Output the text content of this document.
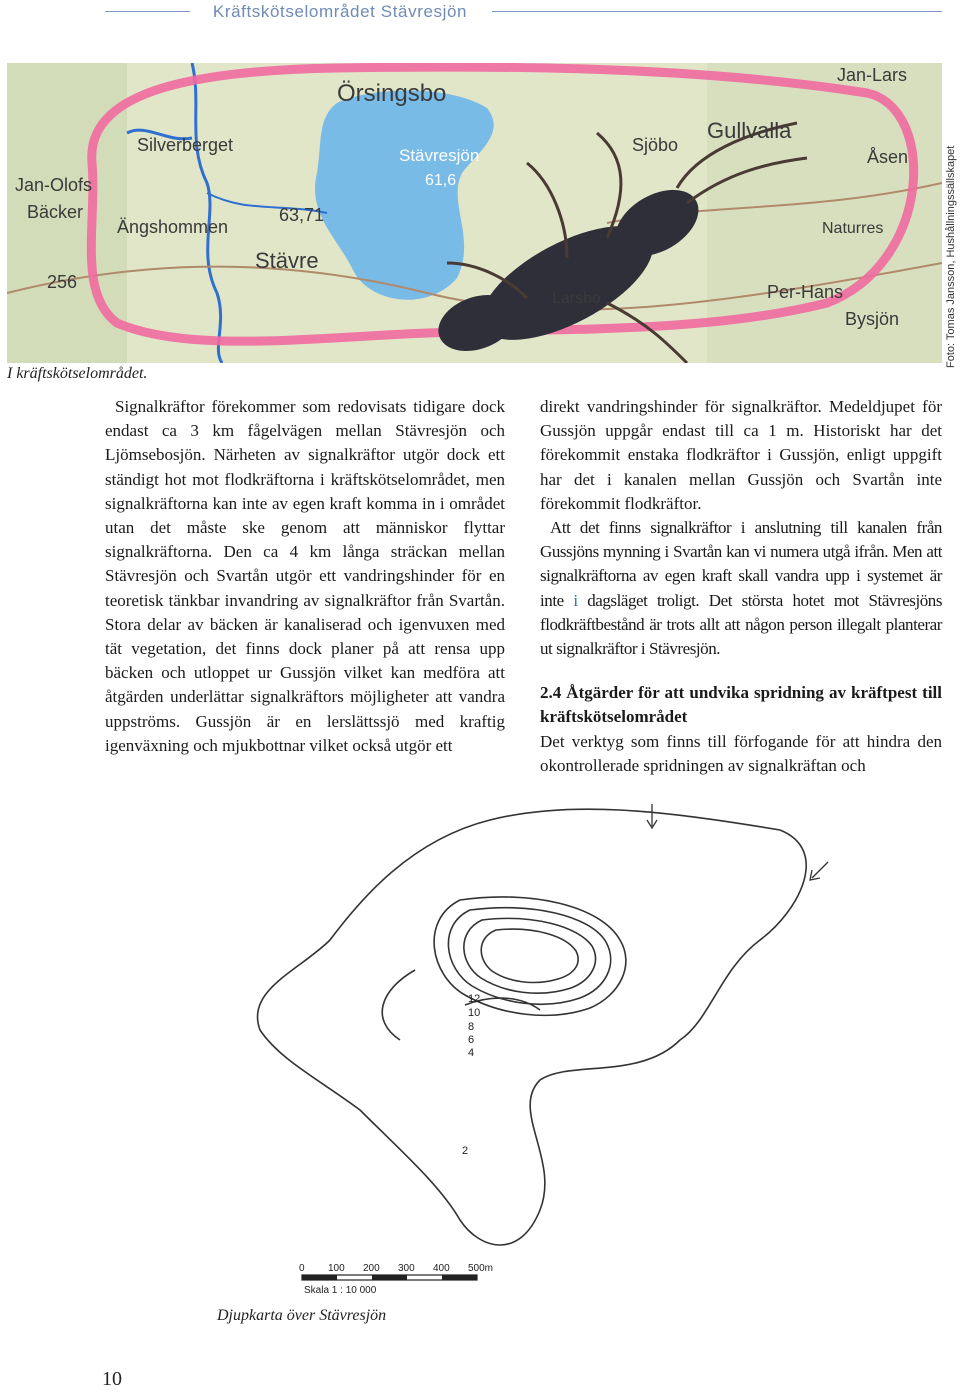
Kräftskötselområdet Stävresjön
Örsingsbo
Stävresjön
61,6
Silverberget
Jan-Olofs
Bäcker
Ängshommen
63,71
Stävre
256
Sjöbo
Gullvalla
Jan-Lars
Åsen
Naturres
Per-Hans
Bysjön
Larsbo	Foto: Tomas Jansson, Hushållningssällskapet
I kräftskötselområdet.

Signalkräftor förekommer som redovisats tidigare dock endast ca 3 km fågelvägen mellan Stävresjön och Ljömsebosjön. Närheten av signalkräftor utgör dock ett ständigt hot mot flodkräftorna i kräftskötselområdet, men signalkräftorna kan inte av egen kraft komma in i området utan det måste ske genom att människor flyttar signalkräftorna. Den ca 4 km långa sträckan mellan Stävresjön och Svartån utgör ett vandringshinder för en teoretisk tänkbar invandring av signalkräftor från Svartån. Stora delar av bäcken är kanaliserad och igenvuxen med tät vegetation, det finns dock planer på att rensa upp bäcken och utloppet ur Gussjön vilket kan medföra att åtgärden underlättar signalkräftors möjligheter att vandra uppströms. Gussjön är en lerslättssjö med kraftig igenväxning och mjukbottnar vilket också utgör ett

direkt vandringshinder för signalkräftor. Medeldjupet för Gussjön uppgår endast till ca 1 m. Historiskt har det förekommit enstaka flodkräftor i Gussjön, enligt uppgift har det i kanalen mellan Gussjön och Svartån inte förekommit flodkräftor.

Att det finns signalkräftor i anslutning till kanalen från Gussjöns mynning i Svartån kan vi numera utgå ifrån. Men att signalkräftorna av egen kraft skall vandra upp i systemet är inte i dagsläget troligt. Det största hotet mot Stävresjöns flodkräftbestånd är trots allt att någon person illegalt planterar ut signalkräftor i Stävresjön.

2.4 Åtgärder för att undvika spridning av kräftpest till kräftskötselområdet

Det verktyg som finns till förfogande för att hindra den okontrollerade spridningen av signalkräftan och

12
10
8
6
4
2
0 100 200 300 400 500m
Skala 1 : 10 000
Djupkarta över Stävresjön
10
